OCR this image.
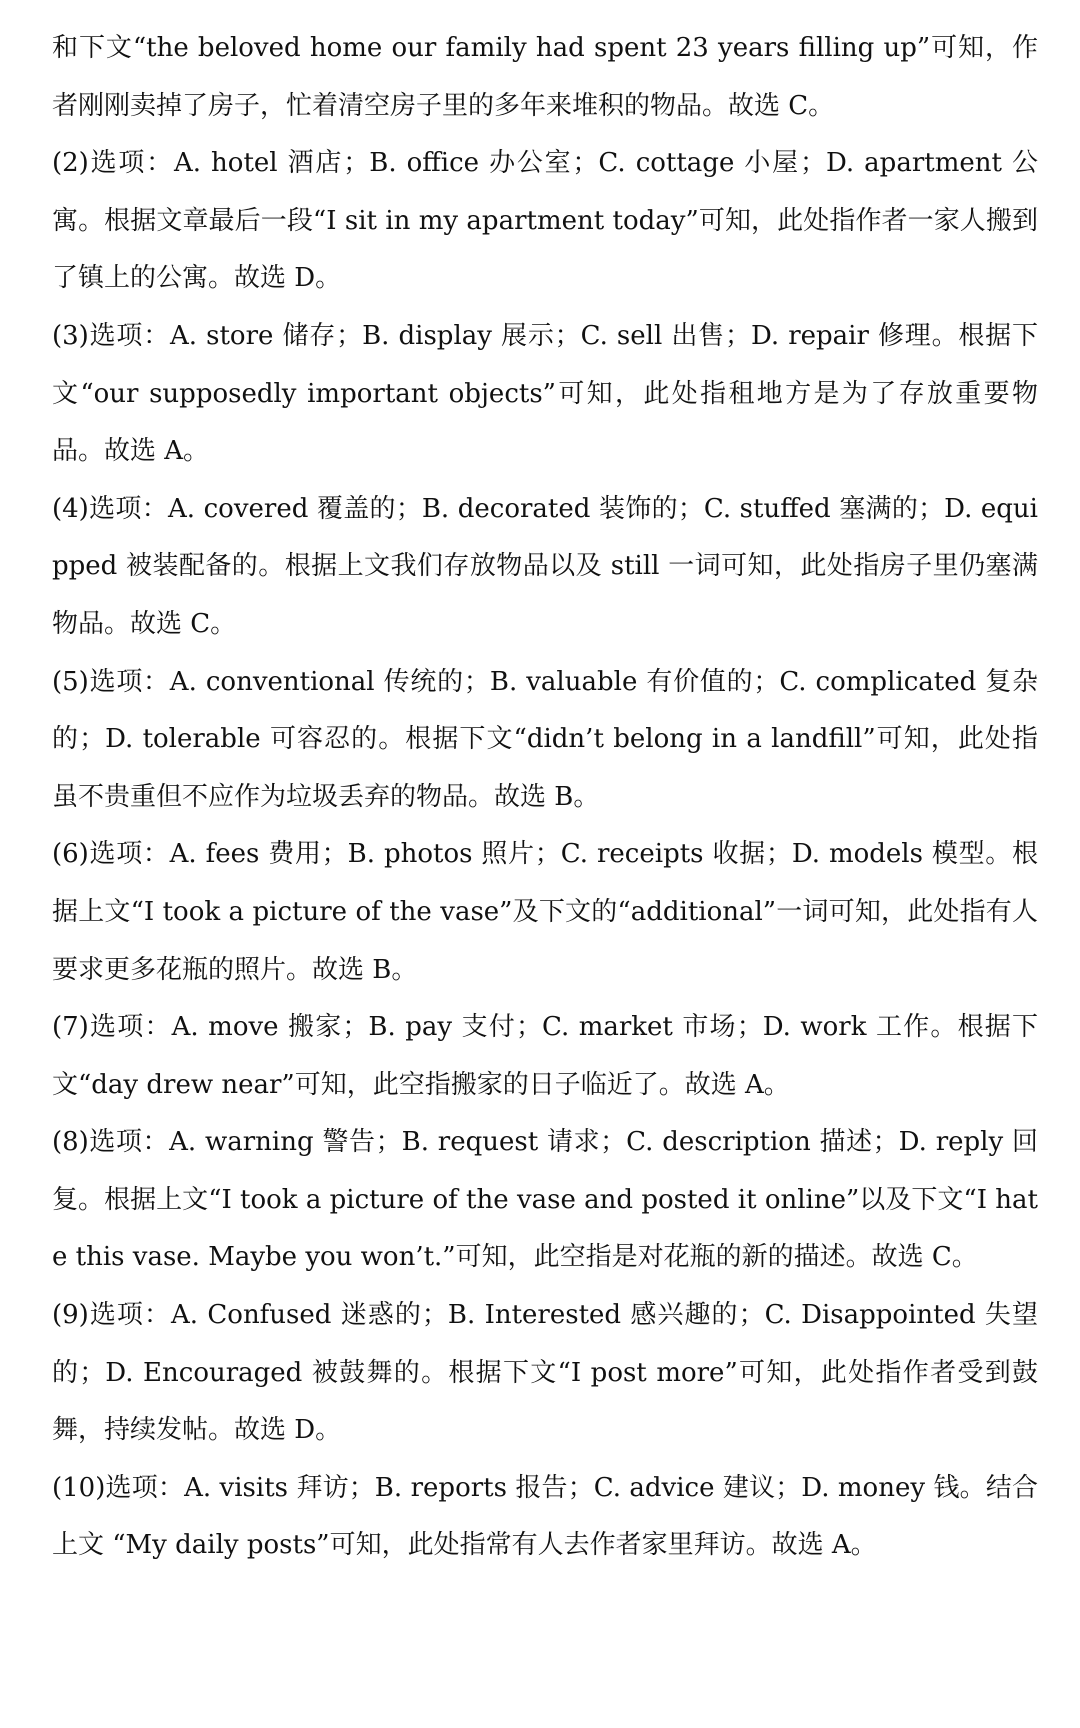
和下文“the beloved home our family had spent 23 years filling up”可知，作者刚刚卖掉了房子，忙着清空房子里的多年来堆积的物品。故选 C。

(2)选项：A. hotel 酒店；B. office 办公室；C. cottage 小屋；D. apartment 公寓。根据文章最后一段“I sit in my apartment today”可知，此处指作者一家人搬到了镇上的公寓。故选 D。

(3)选项：A. store 储存；B. display 展示；C. sell 出售；D. repair 修理。根据下文“our supposedly important objects”可知，此处指租地方是为了存放重要物品。故选 A。

(4)选项：A. covered 覆盖的；B. decorated 装饰的；C. stuffed 塞满的；D. equipped 被装配备的。根据上文我们存放物品以及 still 一词可知，此处指房子里仍塞满物品。故选 C。

(5)选项：A. conventional 传统的；B. valuable 有价值的；C. complicated 复杂的；D. tolerable 可容忍的。根据下文“didn’t belong in a landfill”可知，此处指虽不贵重但不应作为垃圾丢弃的物品。故选 B。

(6)选项：A. fees 费用；B. photos 照片；C. receipts 收据；D. models 模型。根据上文“I took a picture of the vase”及下文的“additional”一词可知，此处指有人要求更多花瓶的照片。故选 B。

(7)选项：A. move 搬家；B. pay 支付；C. market 市场；D. work 工作。根据下文“day drew near”可知，此空指搬家的日子临近了。故选 A。

(8)选项：A. warning 警告；B. request 请求；C. description 描述；D. reply 回复。根据上文“I took a picture of the vase and posted it online”以及下文“I hate this vase. Maybe you won’t.”可知，此空指是对花瓶的新的描述。故选 C。

(9)选项：A. Confused 迷惑的；B. Interested 感兴趣的；C. Disappointed 失望的；D. Encouraged 被鼓舞的。根据下文“I post more”可知，此处指作者受到鼓舞，持续发帖。故选 D。

(10)选项：A. visits 拜访；B. reports 报告；C. advice 建议；D. money 钱。结合上文 “My daily posts”可知，此处指常有人去作者家里拜访。故选 A。
